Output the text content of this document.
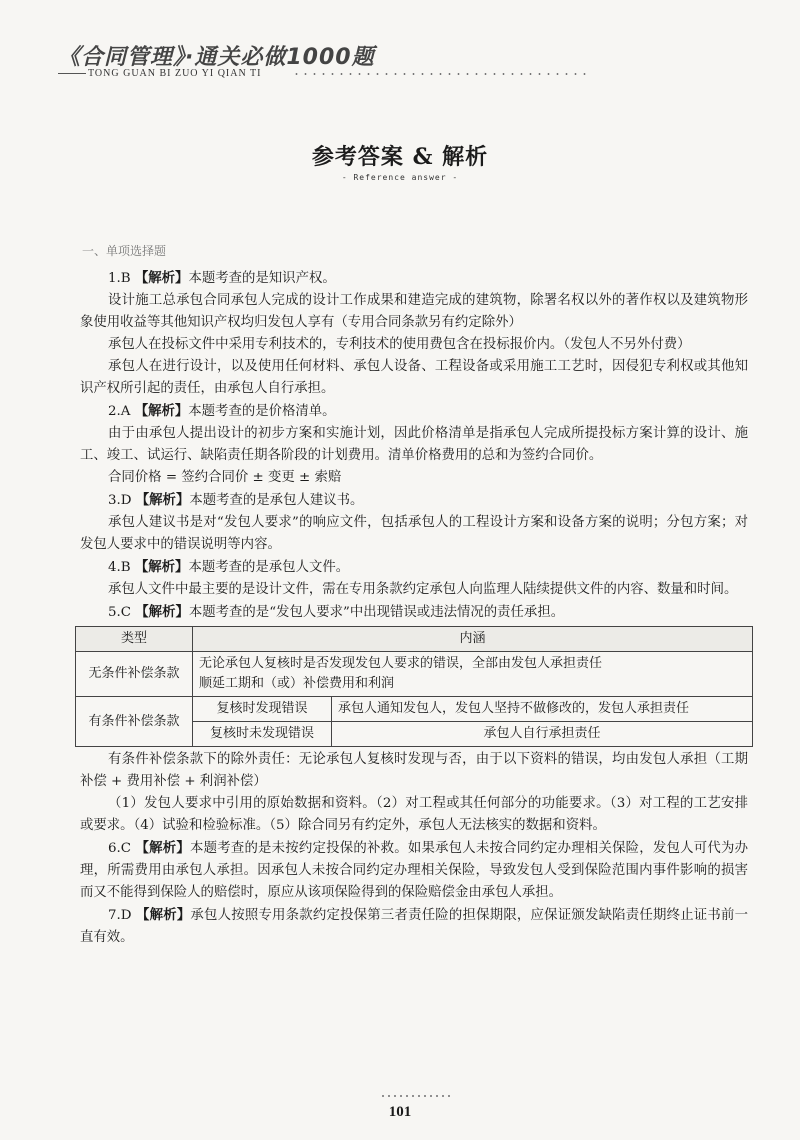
《合同管理》·通关必做1000题
TONG GUAN BI ZUO YI QIAN TI
参考答案 & 解析
- Reference answer -
一、单项选择题

1.B 【解析】本题考查的是知识产权。

设计施工总承包合同承包人完成的设计工作成果和建造完成的建筑物，除署名权以外的著作权以及建筑物形象使用收益等其他知识产权均归发包人享有（专用合同条款另有约定除外）

承包人在投标文件中采用专利技术的，专利技术的使用费包含在投标报价内。（发包人不另外付费）

承包人在进行设计，以及使用任何材料、承包人设备、工程设备或采用施工工艺时，因侵犯专利权或其他知识产权所引起的责任，由承包人自行承担。

2.A 【解析】本题考查的是价格清单。

由于由承包人提出设计的初步方案和实施计划，因此价格清单是指承包人完成所提投标方案计算的设计、施工、竣工、试运行、缺陷责任期各阶段的计划费用。清单价格费用的总和为签约合同价。

合同价格 = 签约合同价 ± 变更 ± 索赔

3.D 【解析】本题考查的是承包人建议书。

承包人建议书是对“发包人要求”的响应文件，包括承包人的工程设计方案和设备方案的说明；分包方案；对发包人要求中的错误说明等内容。

4.B 【解析】本题考查的是承包人文件。

承包人文件中最主要的是设计文件，需在专用条款约定承包人向监理人陆续提供文件的内容、数量和时间。

5.C 【解析】本题考查的是“发包人要求”中出现错误或违法情况的责任承担。

类型	内涵	
无条件补偿条款	无论承包人复核时是否发现发包人要求的错误，全部由发包人承担责任
顺延工期和（或）补偿费用和利润	

有条件补偿条款	复核时发现错误	承包人通知发包人，发包人坚持不做修改的，发包人承担责任
	复核时未发现错误	承包人自行承担责任

有条件补偿条款下的除外责任：无论承包人复核时发现与否，由于以下资料的错误，均由发包人承担（工期补偿 + 费用补偿 + 利润补偿）

（1）发包人要求中引用的原始数据和资料。（2）对工程或其任何部分的功能要求。（3）对工程的工艺安排或要求。（4）试验和检验标准。（5）除合同另有约定外，承包人无法核实的数据和资料。

6.C 【解析】本题考查的是未按约定投保的补救。如果承包人未按合同约定办理相关保险，发包人可代为办理，所需费用由承包人承担。因承包人未按合同约定办理相关保险，导致发包人受到保险范围内事件影响的损害而又不能得到保险人的赔偿时，原应从该项保险得到的保险赔偿金由承包人承担。

7.D 【解析】承包人按照专用条款约定投保第三者责任险的担保期限，应保证颁发缺陷责任期终止证书前一直有效。

101
